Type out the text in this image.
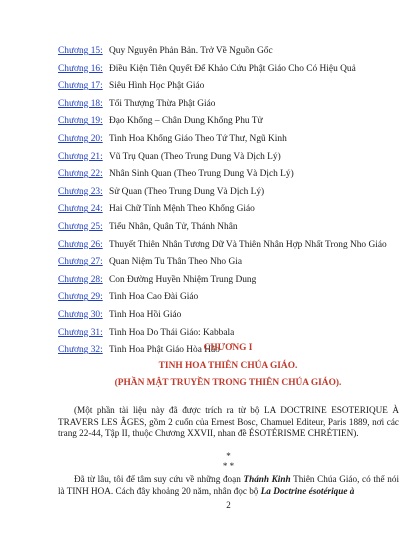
Chương 15: Quy Nguyên Phản Bản. Trở Về Nguồn Gốc
Chương 16: Điều Kiện Tiên Quyết Để Khảo Cứu Phật Giáo Cho Có Hiệu Quả
Chương 17: Siêu Hình Học Phật Giáo
Chương 18: Tối Thượng Thừa Phật Giáo
Chương 19: Đạo Khổng – Chân Dung Khổng Phu Tử
Chương 20: Tinh Hoa Khổng Giáo Theo Tứ Thư, Ngũ Kinh
Chương 21: Vũ Trụ Quan (Theo Trung Dung Và Dịch Lý)
Chương 22: Nhân Sinh Quan (Theo Trung Dung Và Dịch Lý)
Chương 23: Sử Quan (Theo Trung Dung Và Dịch Lý)
Chương 24: Hai Chữ Tính Mệnh Theo Khổng Giáo
Chương 25: Tiểu Nhân, Quân Tử, Thánh Nhân
Chương 26: Thuyết Thiên Nhân Tương Dữ Và Thiên Nhân Hợp Nhất Trong Nho Giáo
Chương 27: Quan Niệm Tu Thân Theo Nho Gia
Chương 28: Con Đường Huyền Nhiệm Trung Dung
Chương 29: Tinh Hoa Cao Đài Giáo
Chương 30: Tinh Hoa Hồi Giáo
Chương 31: Tinh Hoa Do Thái Giáo: Kabbala
Chương 32: Tinh Hoa Phật Giáo Hòa Hảo
CHƯƠNG I
TINH HOA THIÊN CHÚA GIÁO.
(PHẦN MẬT TRUYỀN TRONG THIÊN CHÚA GIÁO).
(Một phần tài liệu này đã được trích ra từ bộ LA DOCTRINE ESOTERIQUE À TRAVERS LES ÂGES, gồm 2 cuốn của Ernest Bosc, Chamuel Editeur, Paris 1889, nơi các trang 22-44, Tập II, thuộc Chương XXVII, nhan đề ÉSOTÉRISME CHRÉTIEN).
*
* *
Đã từ lâu, tôi để tâm suy cứu về những đoạn Thánh Kinh Thiên Chúa Giáo, có thể nói là TINH HOA. Cách đây khoảng 20 năm, nhân đọc bộ La Doctrine ésotérique à
2
